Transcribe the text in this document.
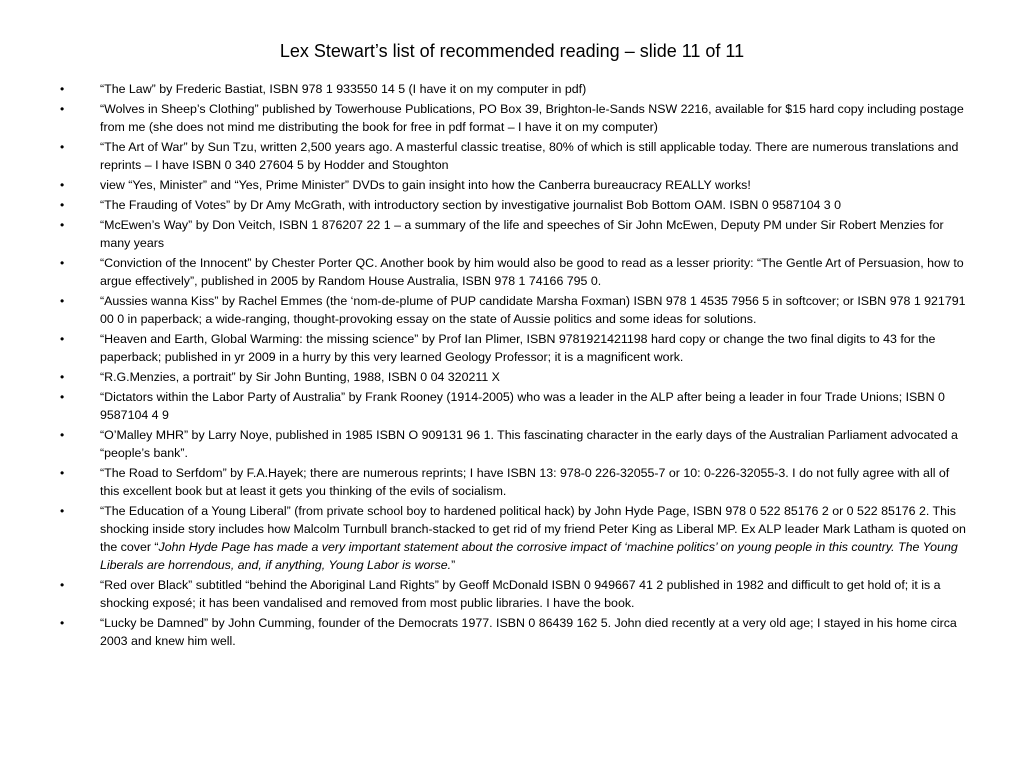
Lex Stewart’s list of recommended reading – slide 11 of 11
•	“The Law” by Frederic Bastiat, ISBN 978 1 933550 14 5 (I have it on my computer in pdf)
•	“Wolves in Sheep’s Clothing” published by Towerhouse Publications, PO Box 39, Brighton-le-Sands NSW 2216, available for $15 hard copy including postage from me (she does not mind me distributing the book for free in pdf format – I have it on my computer)
•	“The Art of War” by Sun Tzu, written 2,500 years ago. A masterful classic treatise, 80% of which is still applicable today. There are numerous translations and reprints – I have ISBN 0 340 27604 5 by Hodder and Stoughton
•	view “Yes, Minister” and “Yes, Prime Minister” DVDs to gain insight into how the Canberra bureaucracy REALLY works!
•	“The Frauding of Votes” by Dr Amy McGrath, with introductory section by investigative journalist Bob Bottom OAM. ISBN 0 9587104 3 0
•	“McEwen’s Way” by Don Veitch, ISBN 1 876207 22 1 – a summary of the life and speeches of Sir John McEwen, Deputy PM under Sir Robert Menzies for many years
•	“Conviction of the Innocent” by Chester Porter QC. Another book by him would also be good to read as a lesser priority: “The Gentle Art of Persuasion, how to argue effectively”, published in 2005 by Random House Australia, ISBN 978 1 74166 795 0.
•	“Aussies wanna Kiss” by Rachel Emmes (the ‘nom-de-plume of PUP candidate Marsha Foxman) ISBN 978 1 4535 7956 5 in softcover; or ISBN 978 1 921791 00 0 in paperback; a wide-ranging, thought-provoking essay on the state of Aussie politics and some ideas for solutions.
•	“Heaven and Earth, Global Warming: the missing science” by Prof Ian Plimer, ISBN 9781921421198 hard copy or change the two final digits to 43 for the paperback; published in yr 2009 in a hurry by this very learned Geology Professor; it is a magnificent work.
•	“R.G.Menzies, a portrait” by Sir John Bunting, 1988, ISBN 0 04 320211 X
•	“Dictators within the Labor Party of Australia” by Frank Rooney (1914-2005) who was a leader in the ALP after being a leader in four Trade Unions; ISBN 0 9587104 4 9
•	“O’Malley MHR” by Larry Noye, published in 1985 ISBN O 909131 96 1. This fascinating character in the early days of the Australian Parliament advocated a “people’s bank”.
•	“The Road to Serfdom” by F.A.Hayek; there are numerous reprints; I have ISBN 13: 978-0 226-32055-7 or 10: 0-226-32055-3. I do not fully agree with all of this excellent book but at least it gets you thinking of the evils of socialism.
•	“The Education of a Young Liberal” (from private school boy to hardened political hack) by John Hyde Page, ISBN 978 0 522 85176 2 or 0 522 85176 2. This shocking inside story includes how Malcolm Turnbull branch-stacked to get rid of my friend Peter King as Liberal MP. Ex ALP leader Mark Latham is quoted on the cover “John Hyde Page has made a very important statement about the corrosive impact of ‘machine politics’ on young people in this country. The Young Liberals are horrendous, and, if anything, Young Labor is worse.”
•	“Red over Black” subtitled “behind the Aboriginal Land Rights” by Geoff McDonald ISBN 0 949667 41 2 published in 1982 and difficult to get hold of; it is a shocking exposé; it has been vandalised and removed from most public libraries. I have the book.
•	“Lucky be Damned” by John Cumming, founder of the Democrats 1977. ISBN 0 86439 162 5. John died recently at a very old age; I stayed in his home circa 2003 and knew him well.
